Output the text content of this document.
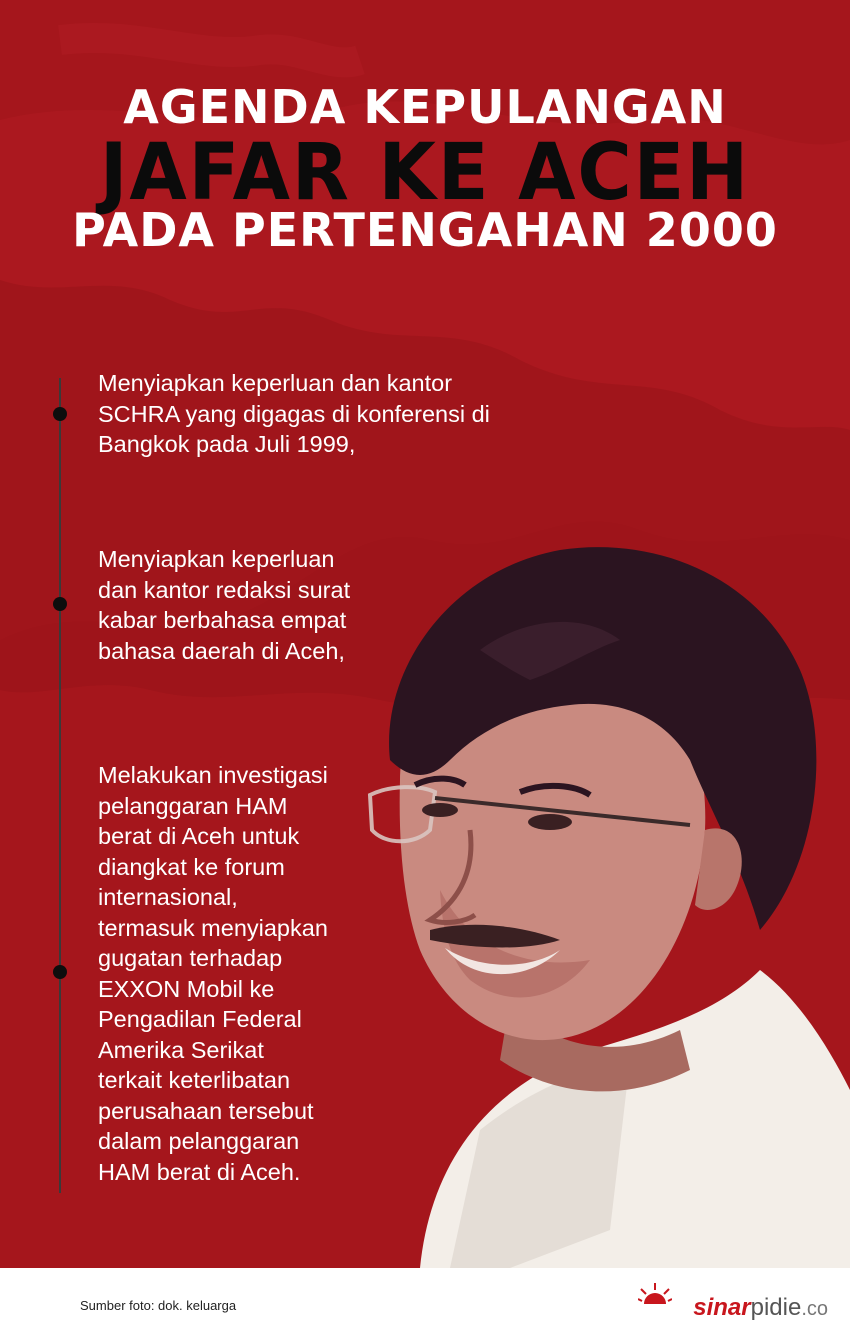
AGENDA KEPULANGAN
JAFAR KE ACEH
PADA PERTENGAHAN 2000
Menyiapkan keperluan dan kantor
SCHRA yang digagas di konferensi di
Bangkok pada Juli 1999,
Menyiapkan keperluan
dan kantor redaksi surat
kabar berbahasa empat
bahasa daerah di Aceh,
Melakukan investigasi
pelanggaran HAM
berat di Aceh untuk
diangkat ke forum
internasional,
termasuk menyiapkan
gugatan terhadap
EXXON Mobil ke
Pengadilan Federal
Amerika Serikat
terkait keterlibatan
perusahaan tersebut
dalam pelanggaran
HAM berat di Aceh.
Sumber foto: dok. keluarga	sinarpidie.co
